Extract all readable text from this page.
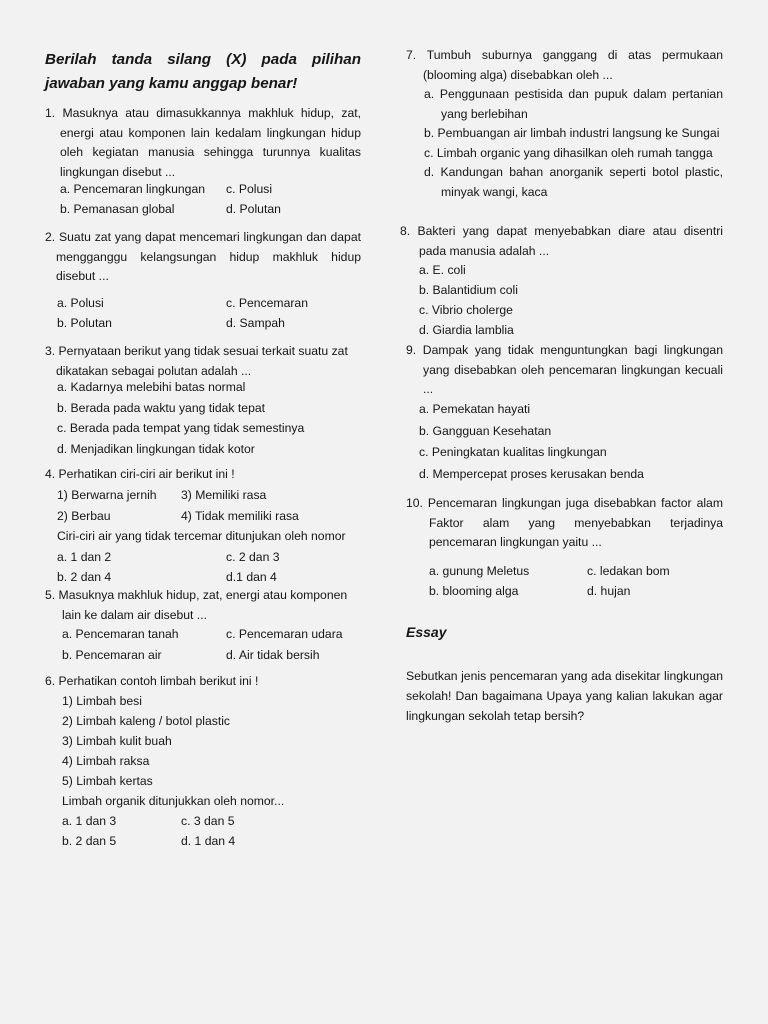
Berilah tanda silang (X) pada pilihan jawaban yang kamu anggap benar!
1. Masuknya atau dimasukkannya makhluk hidup, zat, energi atau komponen lain kedalam lingkungan hidup oleh kegiatan manusia sehingga turunnya kualitas lingkungan disebut ...
a. Pencemaran lingkungan c. Polusi
b. Pemanasan global	d. Polutan
2. Suatu zat yang dapat mencemari lingkungan dan dapat mengganggu kelangsungan hidup makhluk hidup disebut ...
a. Polusi	c. Pencemaran
b. Polutan	d. Sampah
3. Pernyataan berikut yang tidak sesuai terkait suatu zat dikatakan sebagai polutan adalah ...
a. Kadarnya melebihi batas normal
b. Berada pada waktu yang tidak tepat
c. Berada pada tempat yang tidak semestinya
d. Menjadikan lingkungan tidak kotor
4. Perhatikan ciri-ciri air berikut ini !
1) Berwarna jernih 3) Memiliki rasa
2) Berbau	4) Tidak memiliki rasa
Ciri-ciri air yang tidak tercemar ditunjukan oleh nomor
a. 1 dan 2	c. 2 dan 3
b. 2 dan 4	d.1 dan 4
5. Masuknya makhluk hidup, zat, energi atau komponen lain ke dalam air disebut ...
a. Pencemaran tanah	c. Pencemaran udara
b. Pencemaran air	d. Air tidak bersih
6. Perhatikan contoh limbah berikut ini !
1) Limbah besi
2) Limbah kaleng / botol plastic
3) Limbah kulit buah
4) Limbah raksa
5) Limbah kertas
Limbah organik ditunjukkan oleh nomor...
a. 1 dan 3	c. 3 dan 5
b. 2 dan 5	d. 1 dan 4
7. Tumbuh suburnya ganggang di atas permukaan (blooming alga) disebabkan oleh ...
a. Penggunaan pestisida dan pupuk dalam pertanian yang berlebihan
b. Pembuangan air limbah industri langsung ke Sungai
c. Limbah organic yang dihasilkan oleh rumah tangga
d. Kandungan bahan anorganik seperti botol plastic, minyak wangi, kaca
8. Bakteri yang dapat menyebabkan diare atau disentri pada manusia adalah ...
a. E. coli
b. Balantidium coli
c. Vibrio cholerge
d. Giardia lamblia
9. Dampak yang tidak menguntungkan bagi lingkungan yang disebabkan oleh pencemaran lingkungan kecuali ...
a. Pemekatan hayati
b. Gangguan Kesehatan
c. Peningkatan kualitas lingkungan
d. Mempercepat proses kerusakan benda
10. Pencemaran lingkungan juga disebabkan factor alam Faktor alam yang menyebabkan terjadinya pencemaran lingkungan yaitu ...
a. gunung Meletus	c. ledakan bom
b. blooming alga	d. hujan
Essay
Sebutkan jenis pencemaran yang ada disekitar lingkungan sekolah! Dan bagaimana Upaya yang kalian lakukan agar lingkungan sekolah tetap bersih?
